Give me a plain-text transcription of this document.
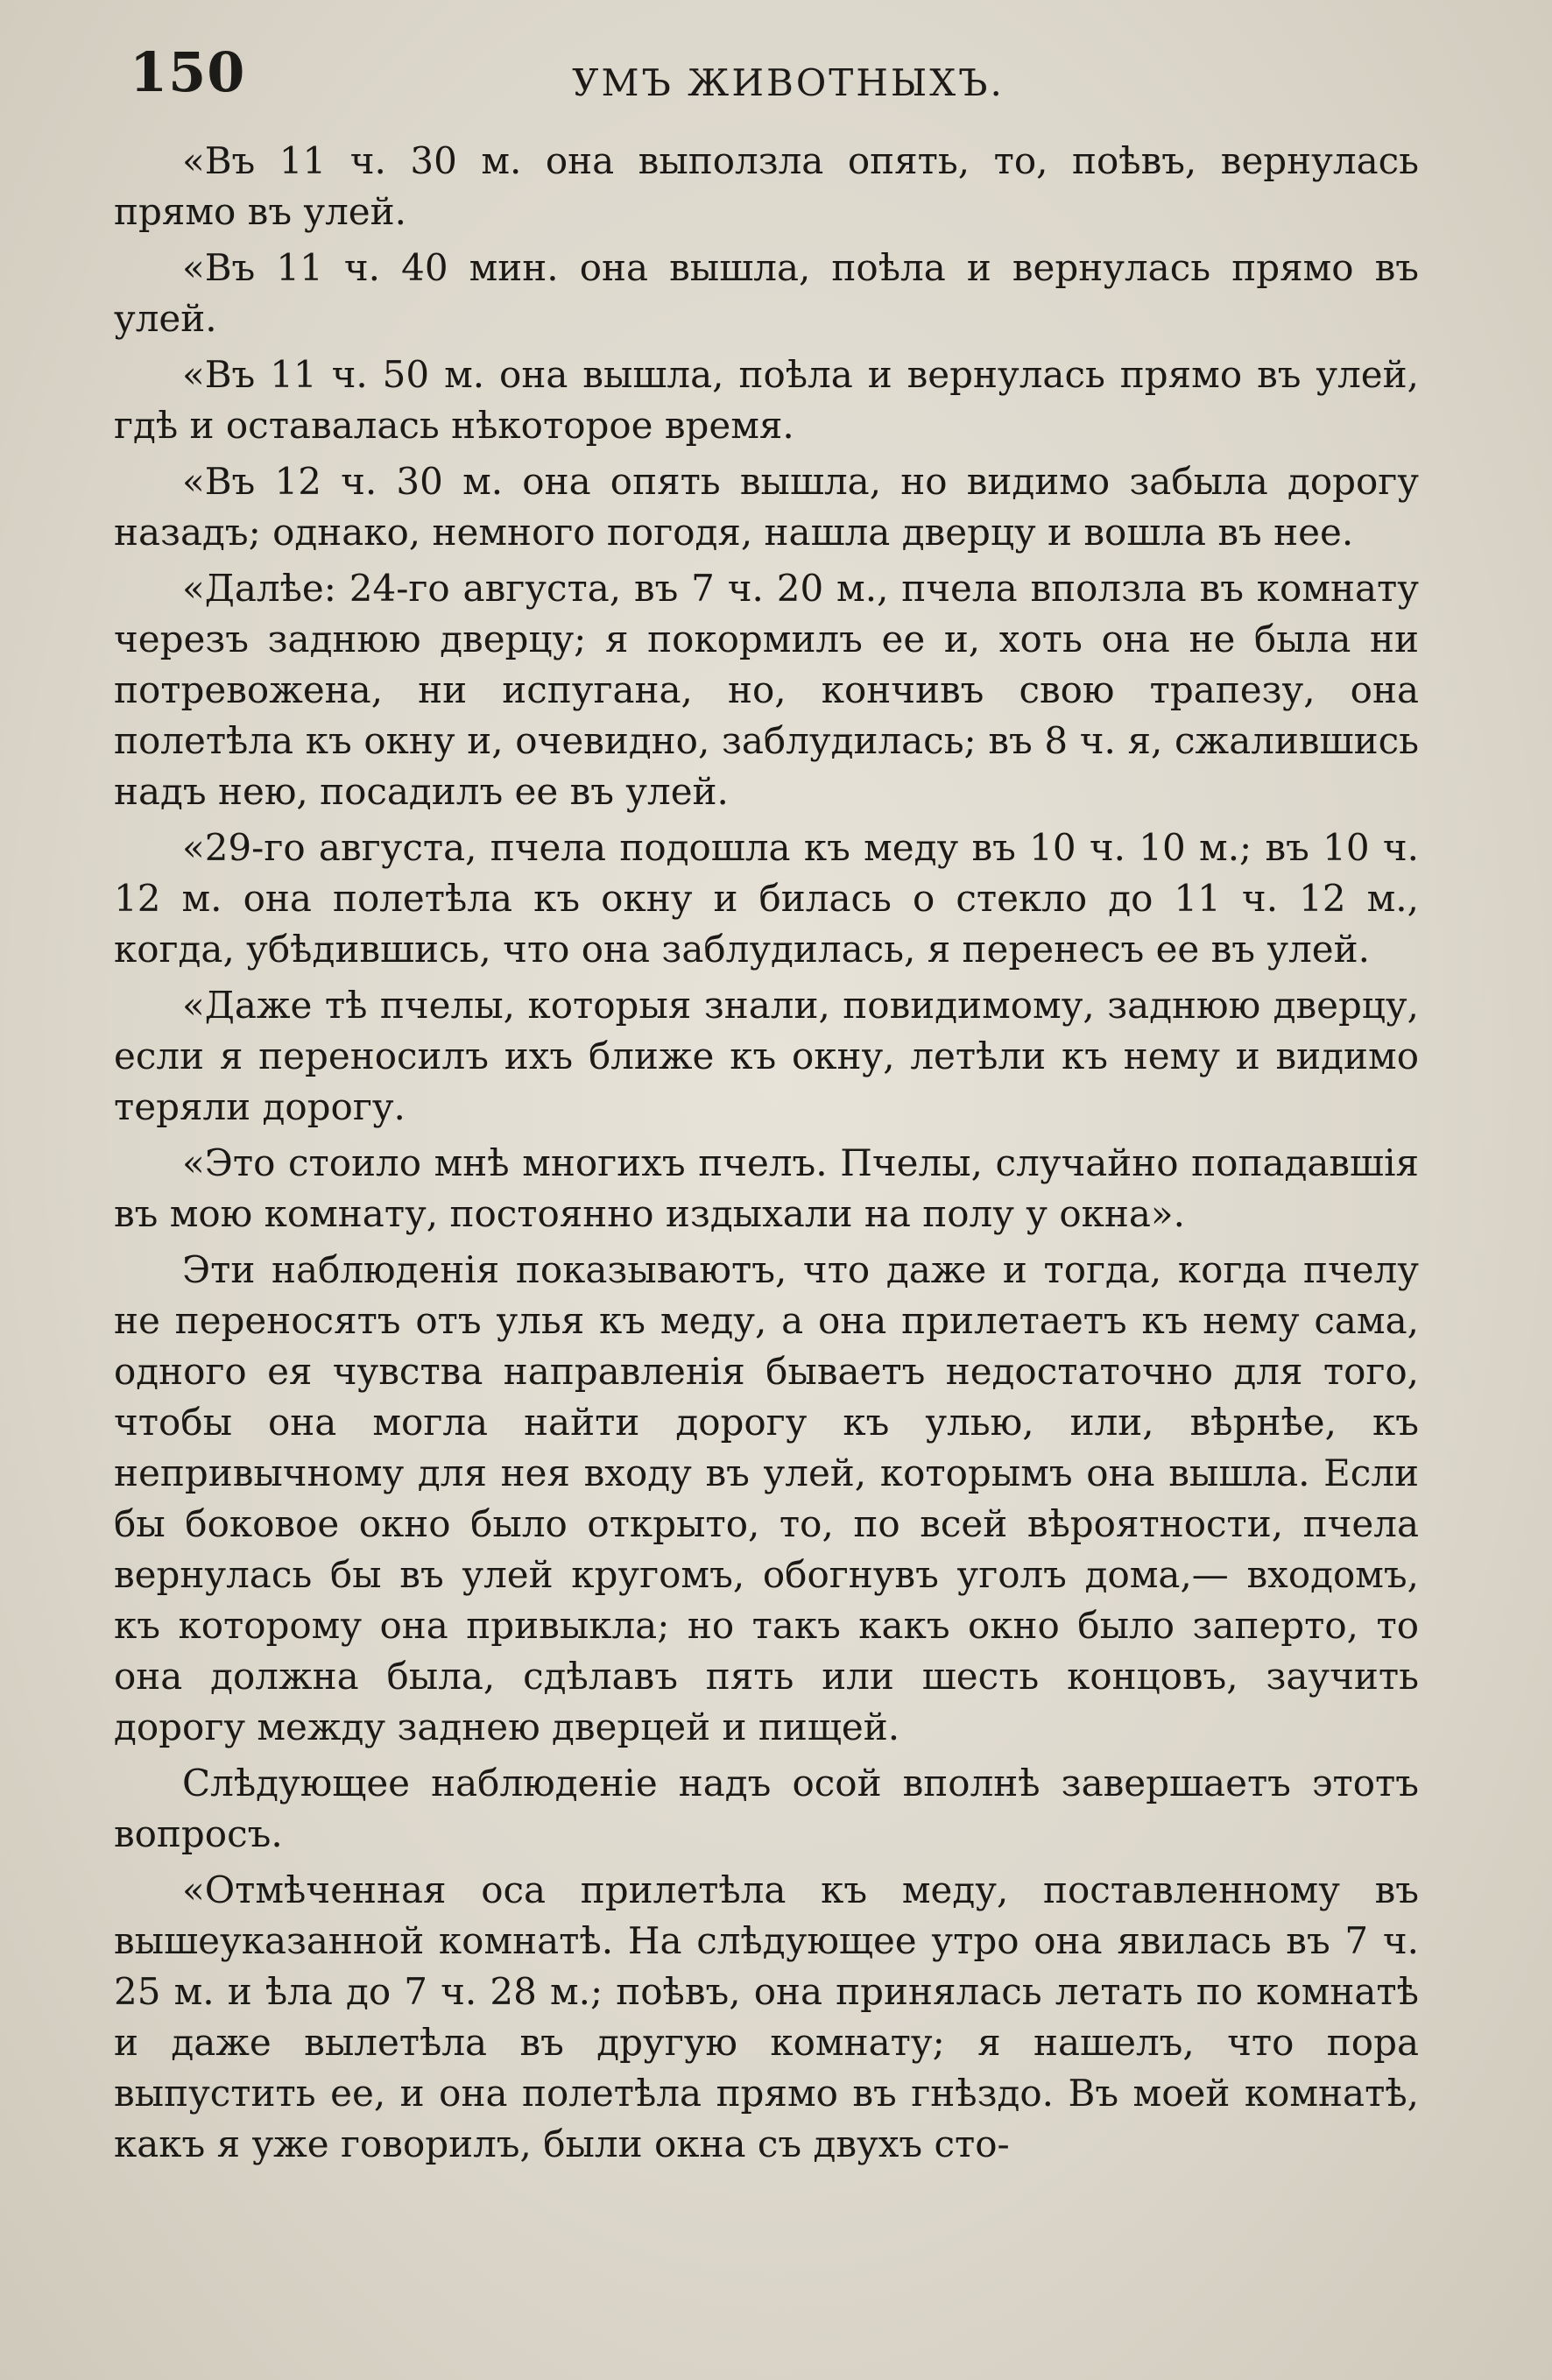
150	УМЪ ЖИВОТНЫХЪ.

«Въ 11 ч. 30 м. она выползла опять, то, поѣвъ, вернулась прямо въ улей.

«Въ 11 ч. 40 мин. она вышла, поѣла и вернулась прямо въ улей.

«Въ 11 ч. 50 м. она вышла, поѣла и вернулась прямо въ улей, гдѣ и оставалась нѣкоторое время.

«Въ 12 ч. 30 м. она опять вышла, но видимо забыла дорогу назадъ; однако, немного погодя, нашла дверцу и вошла въ нее.

«Далѣе: 24-го августа, въ 7 ч. 20 м., пчела вползла въ комнату черезъ заднюю дверцу; я покормилъ ее и, хоть она не была ни потревожена, ни испугана, но, кончивъ свою трапезу, она полетѣла къ окну и, очевидно, заблудилась; въ 8 ч. я, сжалившись надъ нею, посадилъ ее въ улей.

«29-го августа, пчела подошла къ меду въ 10 ч. 10 м.; въ 10 ч. 12 м. она полетѣла къ окну и билась о стекло до 11 ч. 12 м., когда, убѣдившись, что она заблудилась, я перенесъ ее въ улей.

«Даже тѣ пчелы, которыя знали, повидимому, заднюю дверцу, если я переносилъ ихъ ближе къ окну, летѣли къ нему и видимо теряли дорогу.

«Это стоило мнѣ многихъ пчелъ. Пчелы, случайно попадавшія въ мою комнату, постоянно издыхали на полу у окна».

Эти наблюденія показываютъ, что даже и тогда, когда пчелу не переносятъ отъ улья къ меду, а она прилетаетъ къ нему сама, одного ея чувства направленія бываетъ недостаточно для того, чтобы она могла найти дорогу къ улью, или, вѣрнѣе, къ непривычному для нея входу въ улей, которымъ она вышла. Если бы боковое окно было открыто, то, по всей вѣроятности, пчела вернулась бы въ улей кругомъ, обогнувъ уголъ дома,— входомъ, къ которому она привыкла; но такъ какъ окно было заперто, то она должна была, сдѣлавъ пять или шесть концовъ, заучить дорогу между заднею дверцей и пищей.

Слѣдующее наблюденіе надъ осой вполнѣ завершаетъ этотъ вопросъ.

«Отмѣченная оса прилетѣла къ меду, поставленному въ вышеуказанной комнатѣ. На слѣдующее утро она явилась въ 7 ч. 25 м. и ѣла до 7 ч. 28 м.; поѣвъ, она принялась летать по комнатѣ и даже вылетѣла въ другую комнату; я нашелъ, что пора выпустить ее, и она полетѣла прямо въ гнѣздо. Въ моей комнатѣ, какъ я уже говорилъ, были окна съ двухъ сто-
